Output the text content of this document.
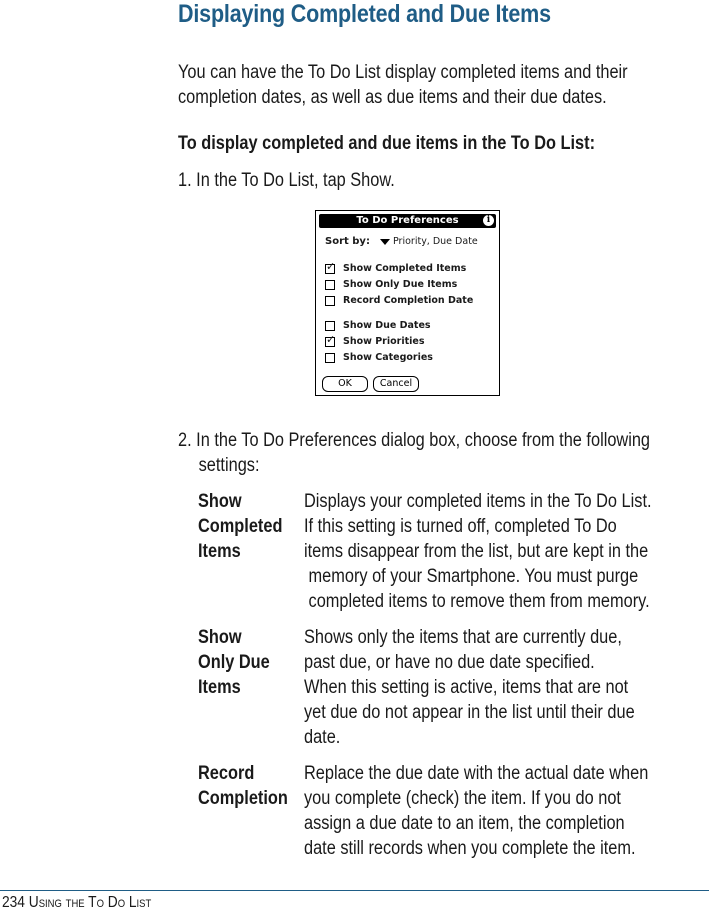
Displaying Completed and Due Items

You can have the To Do List display completed items and their completion dates, as well as due items and their due dates.

To display completed and due items in the To Do List:

1. In the To Do List, tap Show.

To Do Preferences	i
Sort by: Priority, Due Date
✓
Show Completed Items
Show Only Due Items
Record Completion Date
Show Due Dates
✓
Show Priorities
Show Categories
OK	Cancel

2. In the To Do Preferences dialog box, choose from the following
settings:

Show
Completed
Items

Displays your completed items in the To Do List.
If this setting is turned off, completed To Do
items disappear from the list, but are kept in the
memory of your Smartphone. You must purge
completed items to remove them from memory.

Show
Only Due
Items

Shows only the items that are currently due,
past due, or have no due date specified.
When this setting is active, items that are not
yet due do not appear in the list until their due
date.

Record
Completion

Replace the due date with the actual date when
you complete (check) the item. If you do not
assign a due date to an item, the completion
date still records when you complete the item.

234 Using the To Do List
